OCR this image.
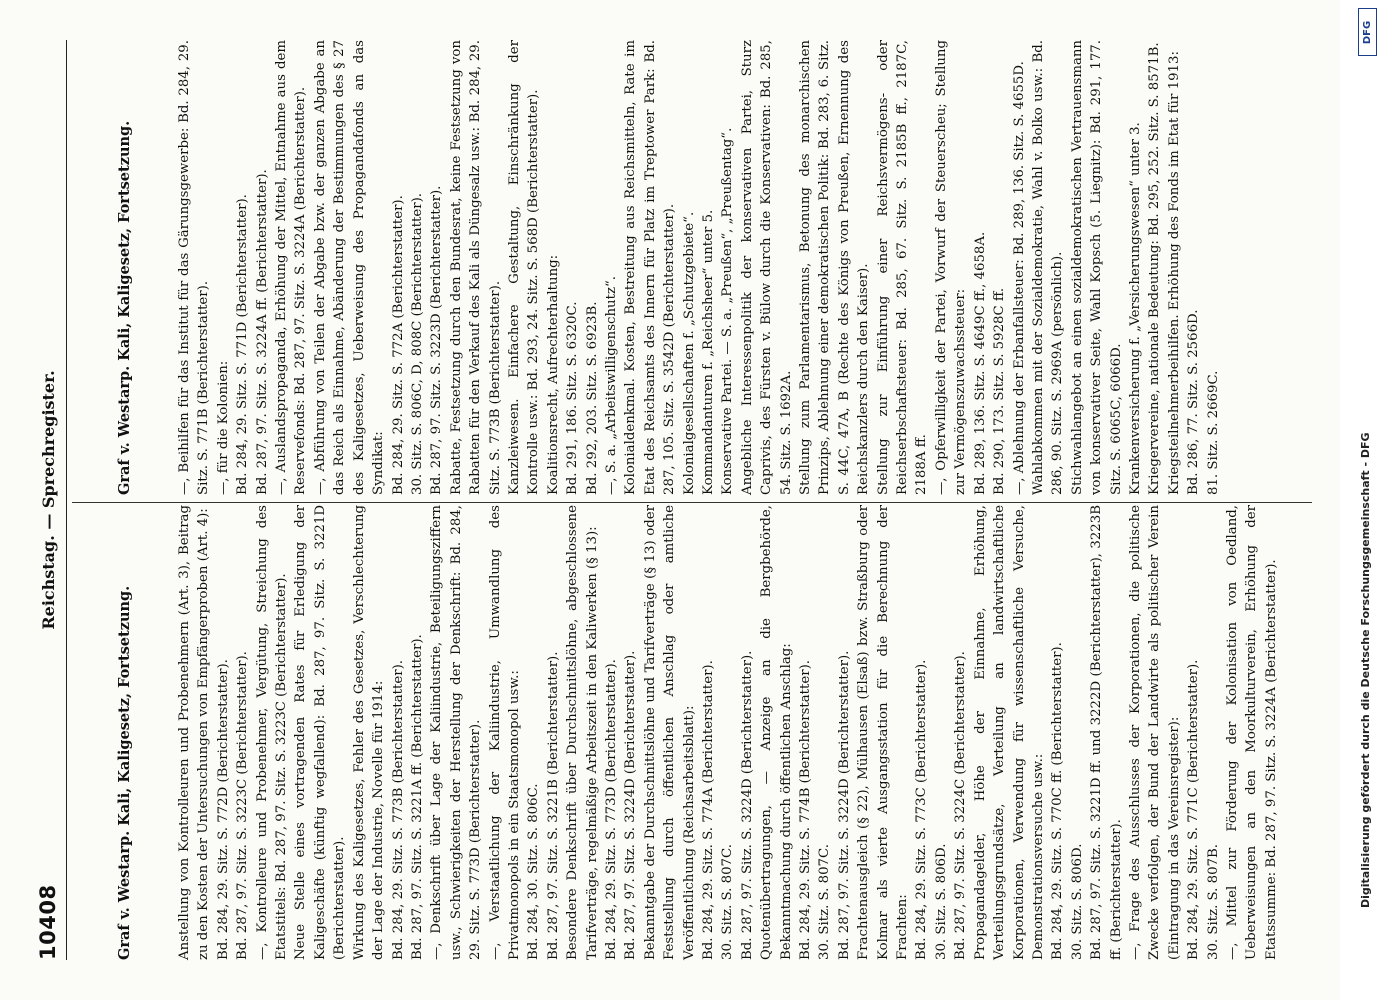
10408
Reichstag. — Sprechregister.

Graf v. Westarp. Kali, Kaligesetz, Fortsetzung.

	Anstellung von Kontrolleuren und Probenehmern (Art. 3), Beitrag zu den Kosten der Untersuchungen von Empfängerproben (Art. 4):

Bd. 284, 29. Sitz. S. 772D (Berichterstatter). Bd. 287, 97. Sitz. S. 3223C (Berichterstatter). —, Kontrolleure und Probenehmer, Vergütung, Streichung des Etatstitels: Bd. 287, 97. Sitz. S. 3223C (Berichterstatter).

Neue Stelle eines vortragenden Rates für Erledigung der Kaligeschäfte (künftig wegfallend): Bd. 287, 97. Sitz. S. 3221D (Berichterstatter). Wirkung des Kaligesetzes, Fehler des Gesetzes, Verschlechterung der Lage der Industrie, Novelle für 1914: Bd. 284, 29. Sitz. S. 773B (Berichterstatter). Bd. 287, 97. Sitz. S. 3221A ff. (Berichterstatter). —, Denkschrift über Lage der Kaliindustrie, Beteiligungsziffern usw., Schwierigkeiten der Herstellung der Denkschrift: Bd. 284, 29. Sitz. S. 773D (Berichterstatter).

—, Verstaatlichung der Kaliindustrie, Umwandlung des Privatmonopols in ein Staatsmonopol usw.:

Bd. 284, 30. Sitz. S. 806C. Bd. 287, 97. Sitz. S. 3221B (Berichterstatter). Besondere Denkschrift über Durchschnittslöhne, abgeschlossene Tarifverträge, regelmäßige Arbeitszeit in den Kaliwerken (§ 13):

Bd. 284, 29. Sitz. S. 773D (Berichterstatter). Bd. 287, 97. Sitz. S. 3224D (Berichterstatter). Bekanntgabe der Durchschnittslöhne und Tarifverträge (§ 13) oder Feststellung durch öffentlichen Anschlag oder amtliche Veröffentlichung (Reichsarbeitsblatt): Bd. 284, 29. Sitz. S. 774A (Berichterstatter). 30. Sitz. S. 807C. Bd. 287, 97. Sitz. S. 3224D (Berichterstatter). Quotenübertragungen, — Anzeige an die Bergbehörde, Bekanntmachung durch öffentlichen Anschlag: Bd. 284, 29. Sitz. S. 774B (Berichterstatter). 30. Sitz. S. 807C. Bd. 287, 97. Sitz. S. 3224D (Berichterstatter). Frachtenausgleich (§ 22), Mülhausen (Elsaß) bzw. Straßburg oder Kolmar als vierte Ausgangsstation für die Berechnung der Frachten: Bd. 284, 29. Sitz. S. 773C (Berichterstatter). 30. Sitz. S. 806D. Bd. 287, 97. Sitz. S. 3224C (Berichterstatter). Propagandagelder, Höhe der Einnahme, Erhöhung, Verteilungsgrundsätze, Verteilung an landwirtschaftliche Korporationen, Verwendung für wissenschaftliche Versuche, Demonstrationsversuche usw.: Bd. 284, 29. Sitz. S. 770C ff. (Berichterstatter). 30. Sitz. S. 806D. Bd. 287, 97. Sitz. S. 3221D ff. und 3222D (Berichterstatter), 3223B ff. (Berichterstatter).

—, Frage des Ausschlusses der Korporationen, die politische Zwecke verfolgen, der Bund der Landwirte als politischer Verein (Eintragung in das Vereinsregister): Bd. 284, 29. Sitz. S. 771C (Berichterstatter). 30. Sitz. S. 807B. —, Mittel zur Förderung der Kolonisation von Oedland, Ueberweisungen an den Moorkulturverein, Erhöhung der Etatssumme: Bd. 287, 97. Sitz. S. 3224A (Berichterstatter).

Graf v. Westarp. Kali, Kaligesetz, Fortsetzung.

	—, Beihilfen für das Institut für das Gärungsgewerbe: Bd. 284, 29. Sitz. S. 771B (Berichterstatter). —, für die Kolonien: Bd. 284, 29. Sitz. S. 771D (Berichterstatter). Bd. 287, 97. Sitz. S. 3224A ff. (Berichterstatter). —, Auslandspropaganda, Erhöhung der Mittel, Entnahme aus dem Reservefonds: Bd. 287, 97. Sitz. S. 3224A (Berichterstatter). —, Abführung von Teilen der Abgabe bzw. der ganzen Abgabe an das Reich als Einnahme, Abänderung der Bestimmungen des § 27 des Kaligesetzes, Ueberweisung des Propagandafonds an das Syndikat: Bd. 284, 29. Sitz. S. 772A (Berichterstatter). 30. Sitz. S. 806C, D, 808C (Berichterstatter). Bd. 287, 97. Sitz. S. 3223D (Berichterstatter). Rabatte, Festsetzung durch den Bundesrat, keine Festsetzung von Rabatten für den Verkauf des Kali als Düngesalz usw.: Bd. 284, 29. Sitz. S. 773B (Berichterstatter). Kanzleiwesen. Einfachere Gestaltung, Einschränkung der Kontrolle usw.: Bd. 293, 24. Sitz. S. 568D (Berichterstatter). Koalitionsrecht, Aufrechterhaltung: Bd. 291, 186. Sitz. S. 6320C. Bd. 292, 203. Sitz. S. 6923B. —, S. a. „Arbeitswilligenschutz“. Kolonialdenkmal. Kosten, Bestreitung aus Reichsmitteln, Rate im Etat des Reichsamts des Innern für Platz im Treptower Park: Bd. 287, 105. Sitz. S. 3542D (Berichterstatter). Kolonialgesellschaften f. „Schutzgebiete“. Kommandanturen f. „Reichsheer“ unter 5. Konservative Partei. — S. a. „Preußen“, „Preußentag“. Angebliche Interessenpolitik der konservativen Partei, Sturz Caprivis, des Fürsten v. Bülow durch die Konservativen: Bd. 285, 54. Sitz. S. 1692A. Stellung zum Parlamentarismus, Betonung des monarchischen Prinzips, Ablehnung einer demokratischen Politik: Bd. 283, 6. Sitz. S. 44C, 47A, B (Rechte des Königs von Preußen, Ernennung des Reichskanzlers durch den Kaiser). Stellung zur Einführung einer Reichsvermögens- oder Reichserbschaftsteuer: Bd. 285, 67. Sitz. S. 2185B ff., 2187C, 2188A ff. —, Opferwilligkeit der Partei, Vorwurf der Steuerscheu; Stellung zur Vermögenszuwachssteuer: Bd. 289, 136. Sitz. S. 4649C ff., 4658A. Bd. 290, 173. Sitz. S. 5928C ff. —, Ablehnung der Erbanfallsteuer: Bd. 289, 136. Sitz. S. 4655D. Wahlabkommen mit der Sozialdemokratie, Wahl v. Bolko usw.: Bd. 286, 90. Sitz. S. 2969A (persönlich). Stichwahlangebot an einen sozialdemokratischen Vertrauensmann von konservativer Seite, Wahl Kopsch (5. Liegnitz): Bd. 291, 177. Sitz. S. 6065C, 6066D. Krankenversicherung f. „Versicherungswesen“ unter 3. Kriegervereine, nationale Bedeutung: Bd. 295, 252. Sitz. S. 8571B. Kriegsteilnehmerbeihilfen. Erhöhung des Fonds im Etat für 1913: Bd. 286, 77. Sitz. S. 2566D. 81. Sitz. S. 2669C.

	Digitalisierung gefördert durch die Deutsche Forschungsgemeinschaft - DFG
DFG
